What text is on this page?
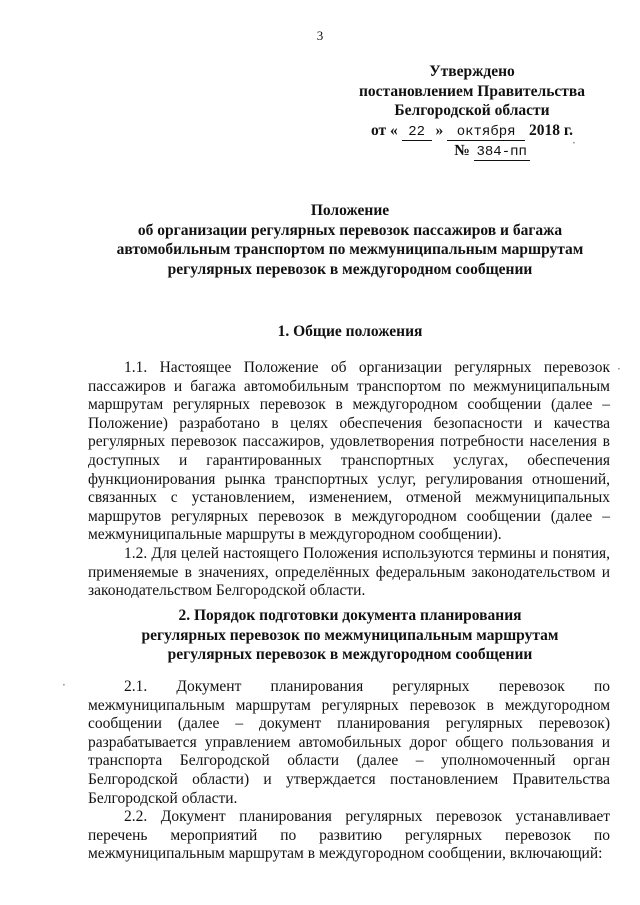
3
Утверждено
постановлением Правительства
Белгородской области
от « 22 » октября 2018 г.
№ 384-пп
Положение
об организации регулярных перевозок пассажиров и багажа
автомобильным транспортом по межмуниципальным маршрутам
регулярных перевозок в междугородном сообщении
1. Общие положения
1.1. Настоящее Положение об организации регулярных перевозок
пассажиров и багажа автомобильным транспортом по межмуниципальным
маршрутам регулярных перевозок в междугородном сообщении (далее –
Положение) разработано в целях обеспечения безопасности и качества
регулярных перевозок пассажиров, удовлетворения потребности населения в
доступных и гарантированных транспортных услугах, обеспечения
функционирования рынка транспортных услуг, регулирования отношений,
связанных с установлением, изменением, отменой межмуниципальных
маршрутов регулярных перевозок в междугородном сообщении (далее –
межмуниципальные маршруты в междугородном сообщении).
1.2. Для целей настоящего Положения используются термины и понятия,
применяемые в значениях, определённых федеральным законодательством и
законодательством Белгородской области.
2. Порядок подготовки документа планирования
регулярных перевозок по межмуниципальным маршрутам
регулярных перевозок в междугородном сообщении
2.1. Документ планирования регулярных перевозок по
межмуниципальным маршрутам регулярных перевозок в междугородном
сообщении (далее – документ планирования регулярных перевозок)
разрабатывается управлением автомобильных дорог общего пользования и
транспорта Белгородской области (далее – уполномоченный орган
Белгородской области) и утверждается постановлением Правительства
Белгородской области.
2.2. Документ планирования регулярных перевозок устанавливает
перечень мероприятий по развитию регулярных перевозок по
межмуниципальным маршрутам в междугородном сообщении, включающий:
·
·
·
